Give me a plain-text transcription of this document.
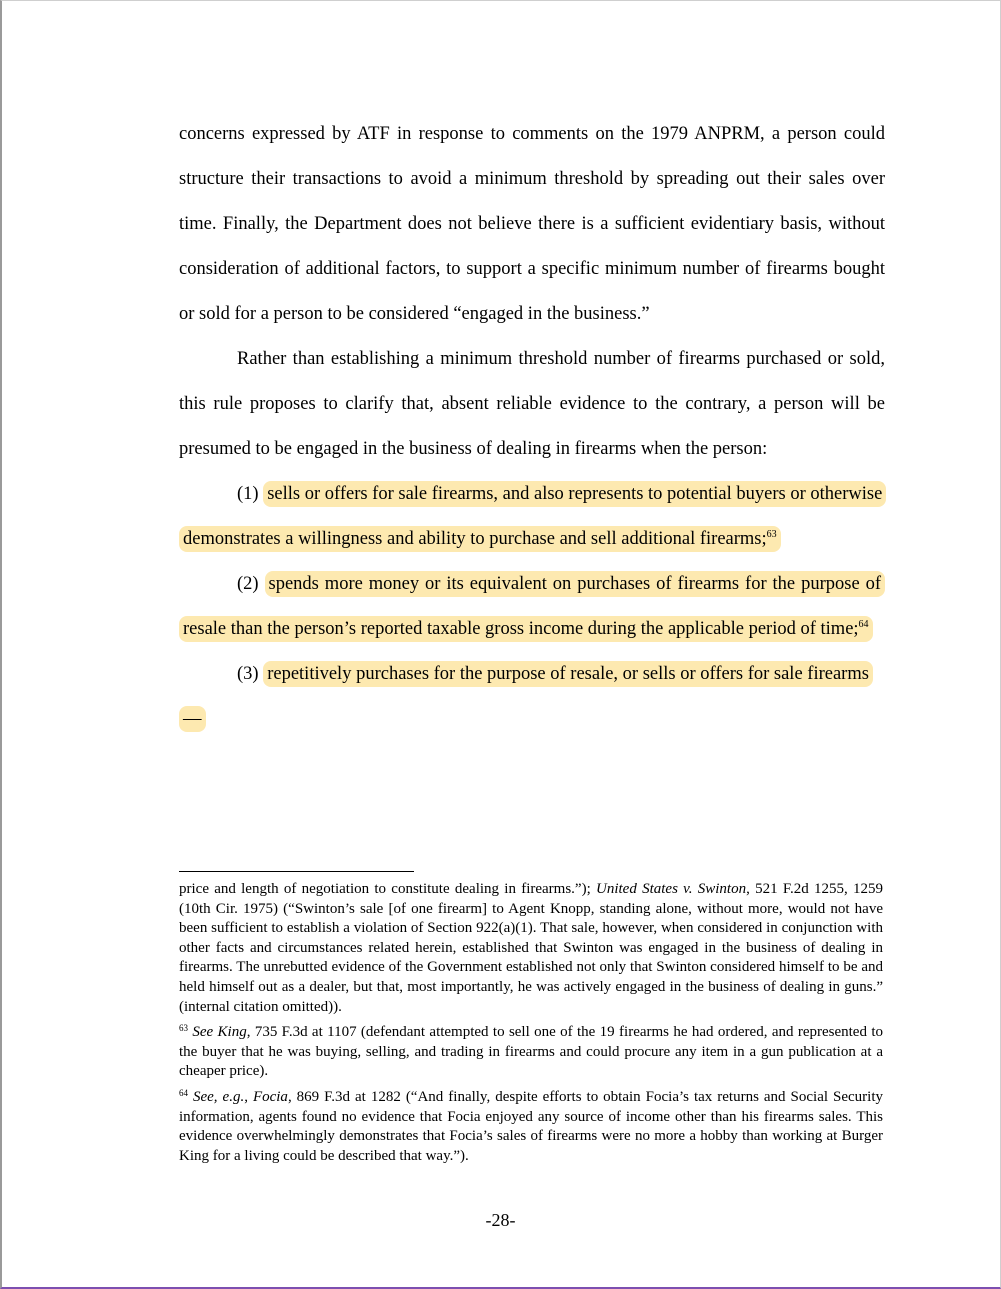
concerns expressed by ATF in response to comments on the 1979 ANPRM, a person could structure their transactions to avoid a minimum threshold by spreading out their sales over time. Finally, the Department does not believe there is a sufficient evidentiary basis, without consideration of additional factors, to support a specific minimum number of firearms bought or sold for a person to be considered “engaged in the business.”

Rather than establishing a minimum threshold number of firearms purchased or sold, this rule proposes to clarify that, absent reliable evidence to the contrary, a person will be presumed to be engaged in the business of dealing in firearms when the person:

(1) sells or offers for sale firearms, and also represents to potential buyers or otherwise demonstrates a willingness and ability to purchase and sell additional firearms;$^{63}$

(2) spends more money or its equivalent on purchases of firearms for the purpose of resale than the person’s reported taxable gross income during the applicable period of time;$^{64}$

(3) repetitively purchases for the purpose of resale, or sells or offers for sale firearms—

price and length of negotiation to constitute dealing in firearms.”); United States v. Swinton, 521 F.2d 1255, 1259 (10th Cir. 1975) (“Swinton’s sale [of one firearm] to Agent Knopp, standing alone, without more, would not have been sufficient to establish a violation of Section 922(a)(1). That sale, however, when considered in conjunction with other facts and circumstances related herein, established that Swinton was engaged in the business of dealing in firearms. The unrebutted evidence of the Government established not only that Swinton considered himself to be and held himself out as a dealer, but that, most importantly, he was actively engaged in the business of dealing in guns.” (internal citation omitted)).

$^{63}$ See King, 735 F.3d at 1107 (defendant attempted to sell one of the 19 firearms he had ordered, and represented to the buyer that he was buying, selling, and trading in firearms and could procure any item in a gun publication at a cheaper price).

$^{64}$ See, e.g., Focia, 869 F.3d at 1282 (“And finally, despite efforts to obtain Focia’s tax returns and Social Security information, agents found no evidence that Focia enjoyed any source of income other than his firearms sales. This evidence overwhelmingly demonstrates that Focia’s sales of firearms were no more a hobby than working at Burger King for a living could be described that way.”).

-28-
